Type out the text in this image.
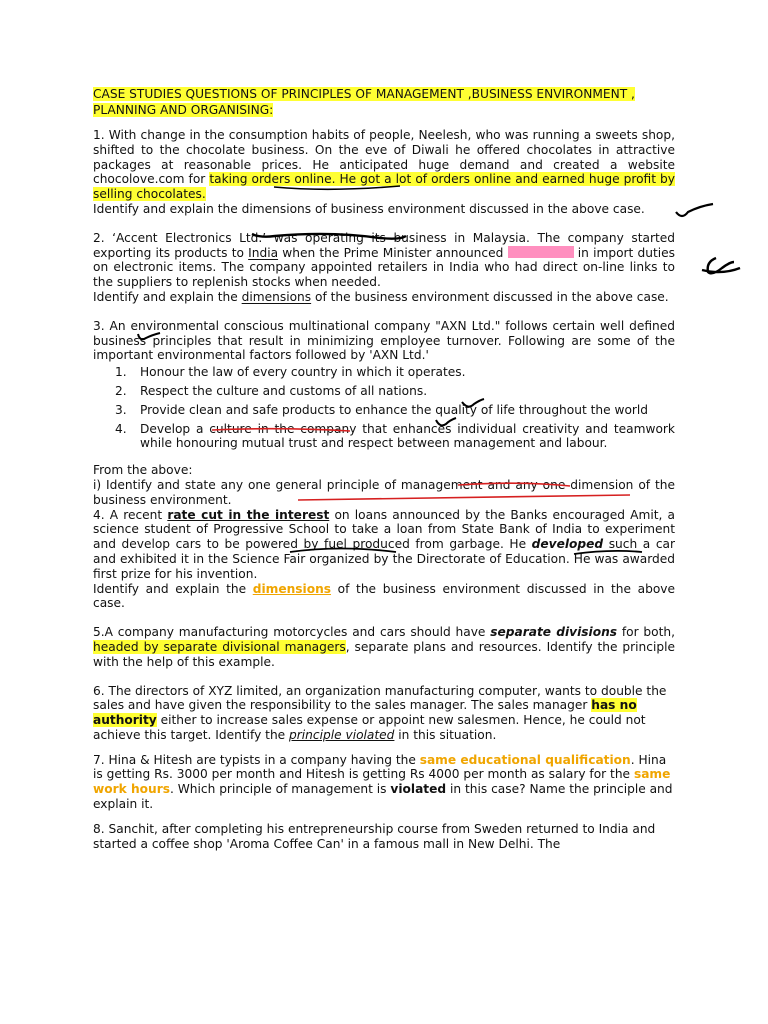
CASE STUDIES QUESTIONS OF PRINCIPLES OF MANAGEMENT ,BUSINESS ENVIRONMENT , PLANNING AND ORGANISING:

1. With change in the consumption habits of people, Neelesh, who was running a sweets shop, shifted to the chocolate business. On the eve of Diwali he offered chocolates in attractive packages at reasonable prices. He anticipated huge demand and created a website chocolove.com for taking orders online. He got a lot of orders online and earned huge profit by selling chocolates.

Identify and explain the dimensions of business environment discussed in the above case.

2. ‘Accent Electronics Ltd.’ was operating its business in Malaysia. The company started exporting its products to India when the Prime Minister announced	in import duties on electronic items. The company appointed retailers in India who had direct on-line links to the suppliers to replenish stocks when needed.

Identify and explain the dimensions of the business environment discussed in the above case.

3. An environmental conscious multinational company "AXN Ltd." follows certain well defined business principles that result in minimizing employee turnover. Following are some of the important environmental factors followed by 'AXN Ltd.'

1. Honour the law of every country in which it operates.
2. Respect the culture and customs of all nations.
3. Provide clean and safe products to enhance the quality of life throughout the world
4. Develop a culture in the company that enhances individual creativity and teamwork while honouring mutual trust and respect between management and labour.

From the above:

i) Identify and state any one general principle of management and any one dimension of the business environment.

4. A recent rate cut in the interest on loans announced by the Banks encouraged Amit, a science student of Progressive School to take a loan from State Bank of India to experiment and develop cars to be powered by fuel produced from garbage. He developed such a car and exhibited it in the Science Fair organized by the Directorate of Education. He was awarded first prize for his invention.

Identify and explain the dimensions of the business environment discussed in the above case.

5.A company manufacturing motorcycles and cars should have separate divisions for both, headed by separate divisional managers, separate plans and resources. Identify the principle with the help of this example.

6. The directors of XYZ limited, an organization manufacturing computer, wants to double the sales and have given the responsibility to the sales manager. The sales manager has no authority either to increase sales expense or appoint new salesmen. Hence, he could not achieve this target. Identify the principle violated in this situation.

7. Hina & Hitesh are typists in a company having the same educational qualification. Hina is getting Rs. 3000 per month and Hitesh is getting Rs 4000 per month as salary for the same work hours. Which principle of management is violated in this case? Name the principle and explain it.

8. Sanchit, after completing his entrepreneurship course from Sweden returned to India and started a coffee shop 'Aroma Coffee Can' in a famous mall in New Delhi. The
